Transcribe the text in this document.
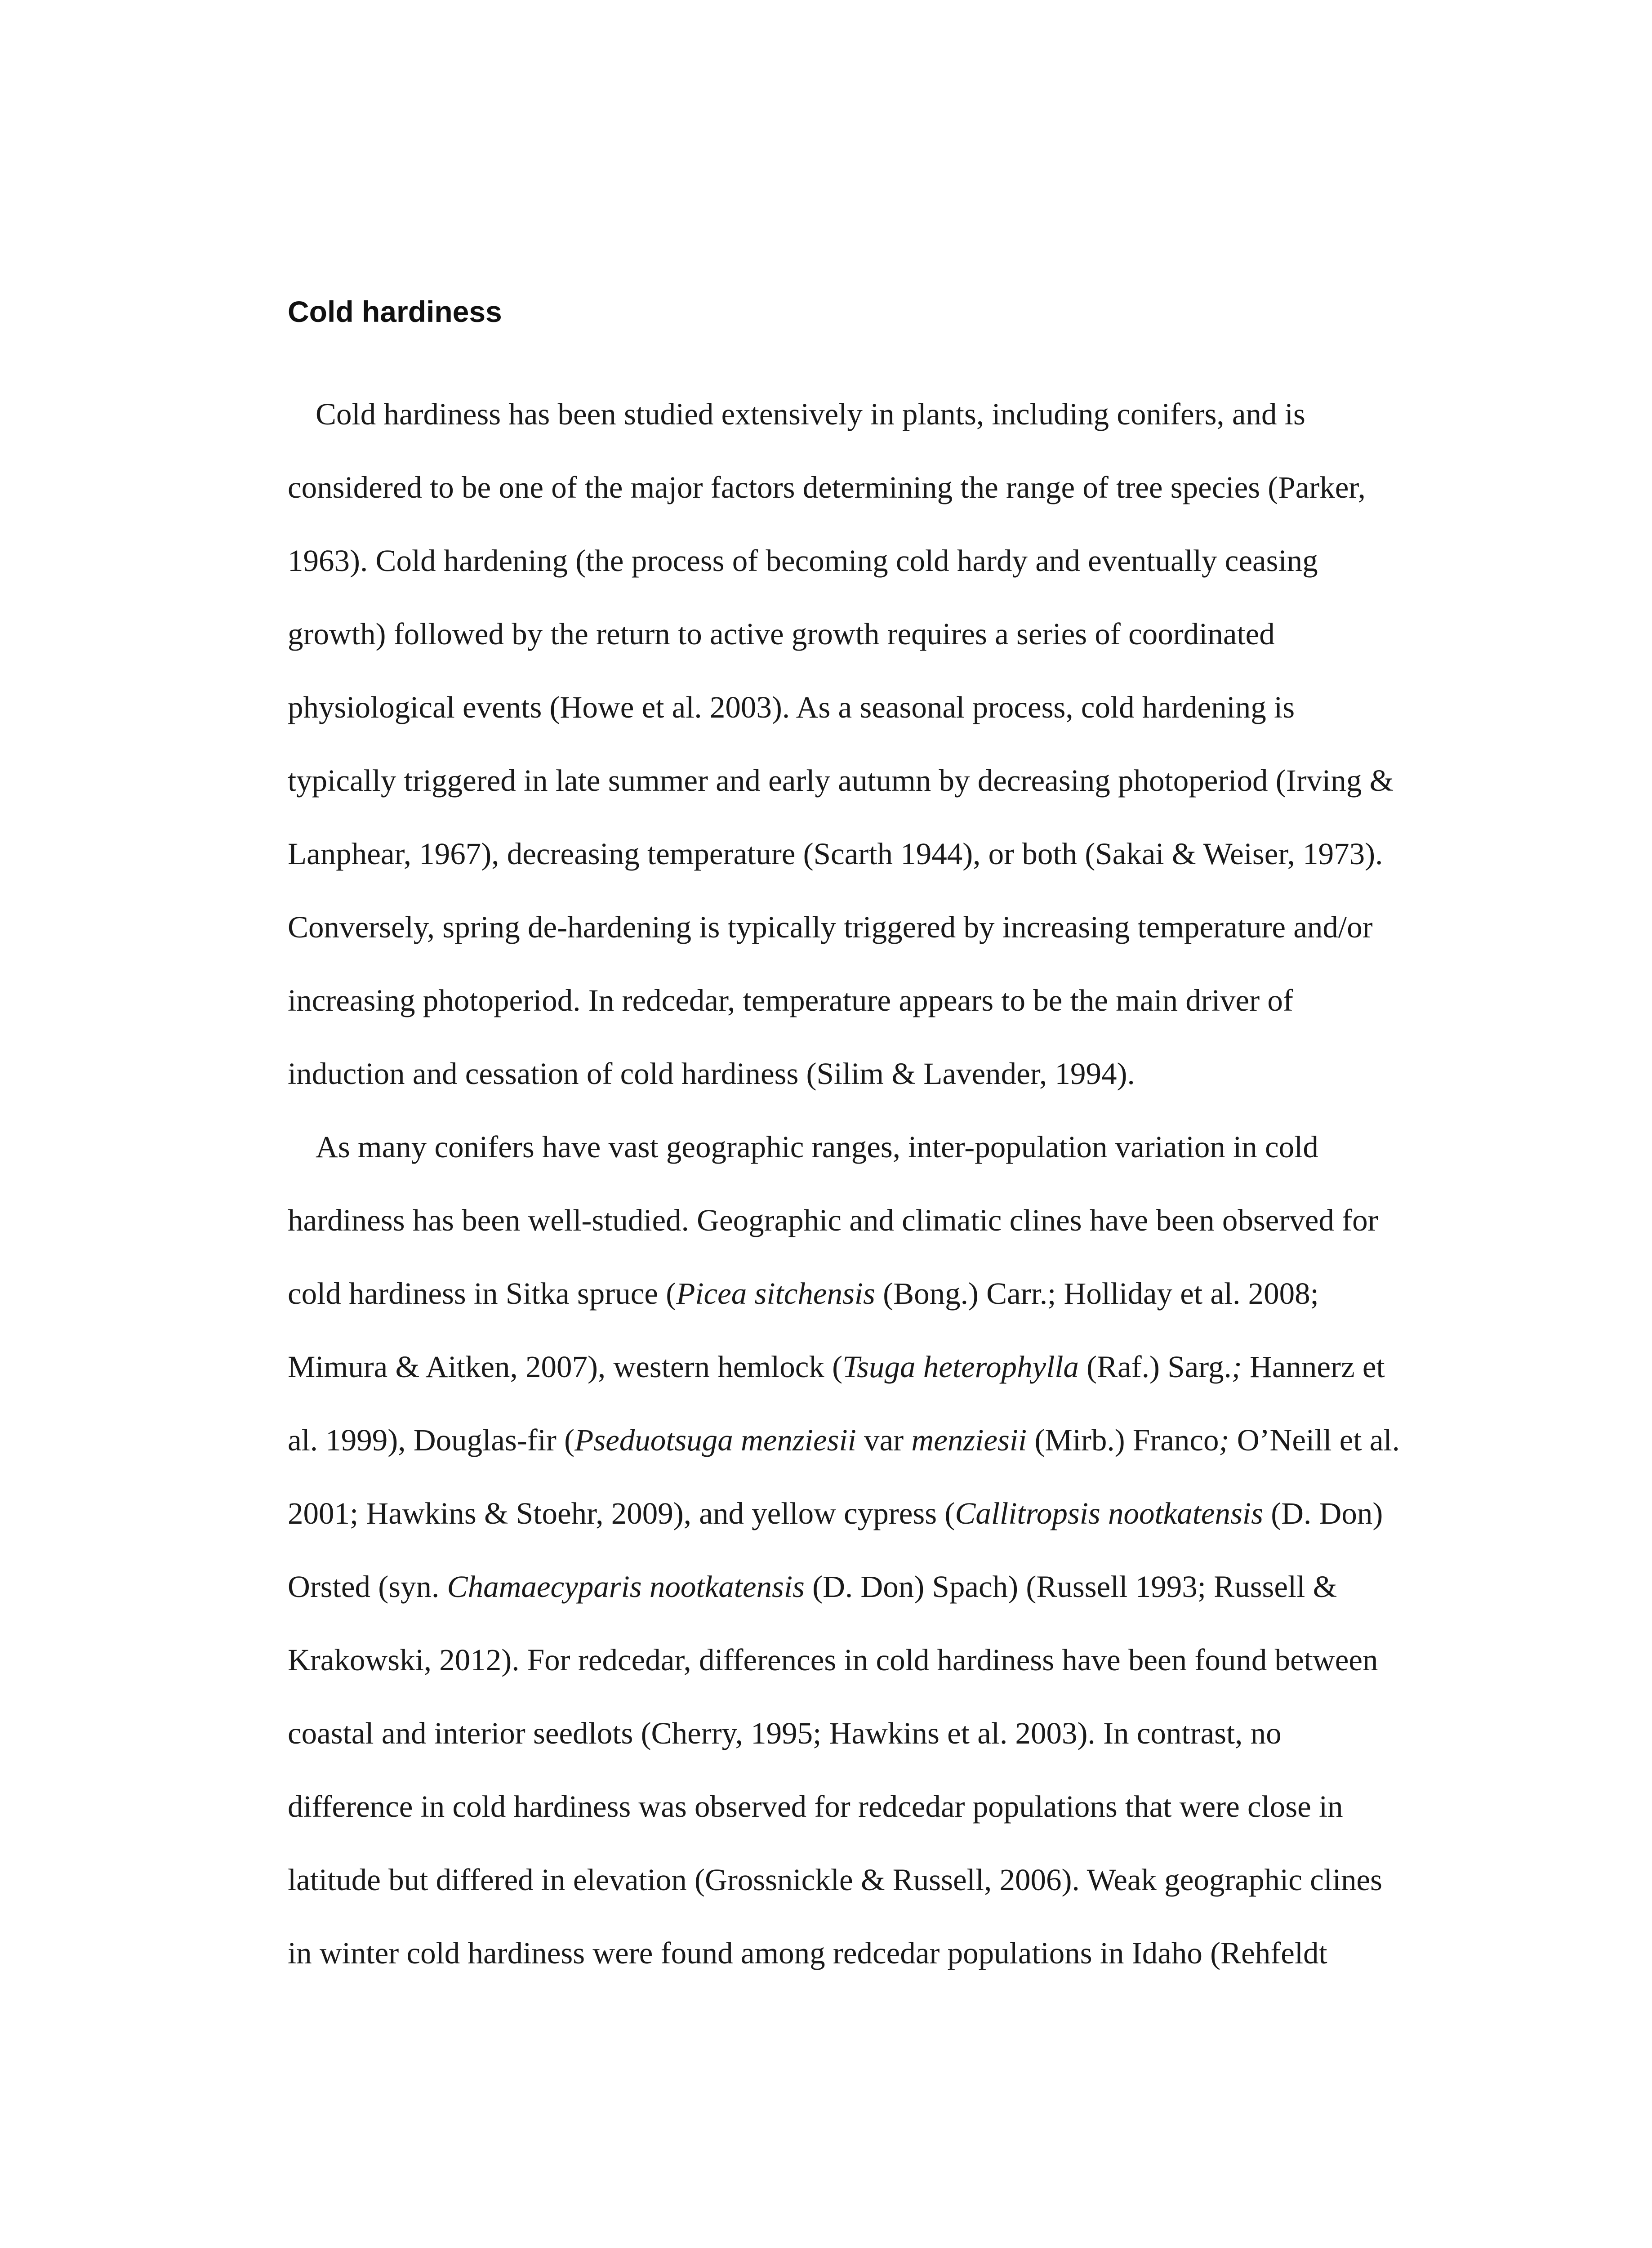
Cold hardiness
Cold hardiness has been studied extensively in plants, including conifers, and is
considered to be one of the major factors determining the range of tree species (Parker,
1963). Cold hardening (the process of becoming cold hardy and eventually ceasing
growth) followed by the return to active growth requires a series of coordinated
physiological events (Howe et al. 2003). As a seasonal process, cold hardening is
typically triggered in late summer and early autumn by decreasing photoperiod (Irving &
Lanphear, 1967), decreasing temperature (Scarth 1944), or both (Sakai & Weiser, 1973).
Conversely, spring de-hardening is typically triggered by increasing temperature and/or
increasing photoperiod. In redcedar, temperature appears to be the main driver of
induction and cessation of cold hardiness (Silim & Lavender, 1994).
As many conifers have vast geographic ranges, inter-population variation in cold
hardiness has been well-studied. Geographic and climatic clines have been observed for
cold hardiness in Sitka spruce (Picea sitchensis (Bong.) Carr.; Holliday et al. 2008;
Mimura & Aitken, 2007), western hemlock (Tsuga heterophylla (Raf.) Sarg.; Hannerz et
al. 1999), Douglas-fir (Pseduotsuga menziesii var menziesii (Mirb.) Franco; O’Neill et al.
2001; Hawkins & Stoehr, 2009), and yellow cypress (Callitropsis nootkatensis (D. Don)
Orsted (syn. Chamaecyparis nootkatensis (D. Don) Spach) (Russell 1993; Russell &
Krakowski, 2012). For redcedar, differences in cold hardiness have been found between
coastal and interior seedlots (Cherry, 1995; Hawkins et al. 2003). In contrast, no
difference in cold hardiness was observed for redcedar populations that were close in
latitude but differed in elevation (Grossnickle & Russell, 2006). Weak geographic clines
in winter cold hardiness were found among redcedar populations in Idaho (Rehfeldt
